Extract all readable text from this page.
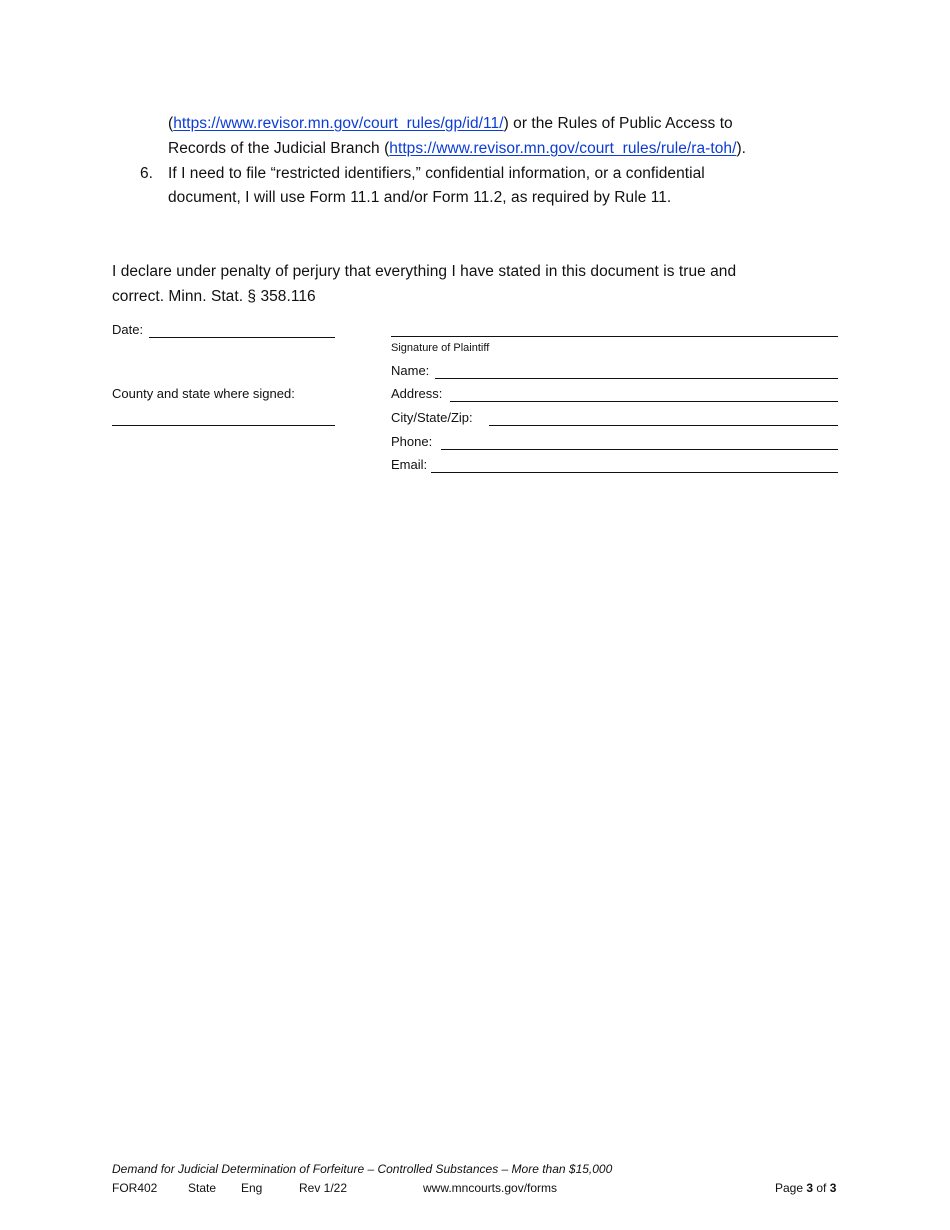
(https://www.revisor.mn.gov/court_rules/gp/id/11/) or the Rules of Public Access to
Records of the Judicial Branch (https://www.revisor.mn.gov/court_rules/rule/ra-toh/).
6. If I need to file “restricted identifiers,” confidential information, or a confidential
document, I will use Form 11.1 and/or Form 11.2, as required by Rule 11.
I declare under penalty of perjury that everything I have stated in this document is true and
correct. Minn. Stat. § 358.116
Date:
County and state where signed:
Signature of Plaintiff
Name:
Address:
City/State/Zip:
Phone:
Email:
Demand for Judicial Determination of Forfeiture – Controlled Substances – More than $15,000
FOR402	State Eng	Rev 1/22	www.mncourts.gov/forms	Page 3 of 3
